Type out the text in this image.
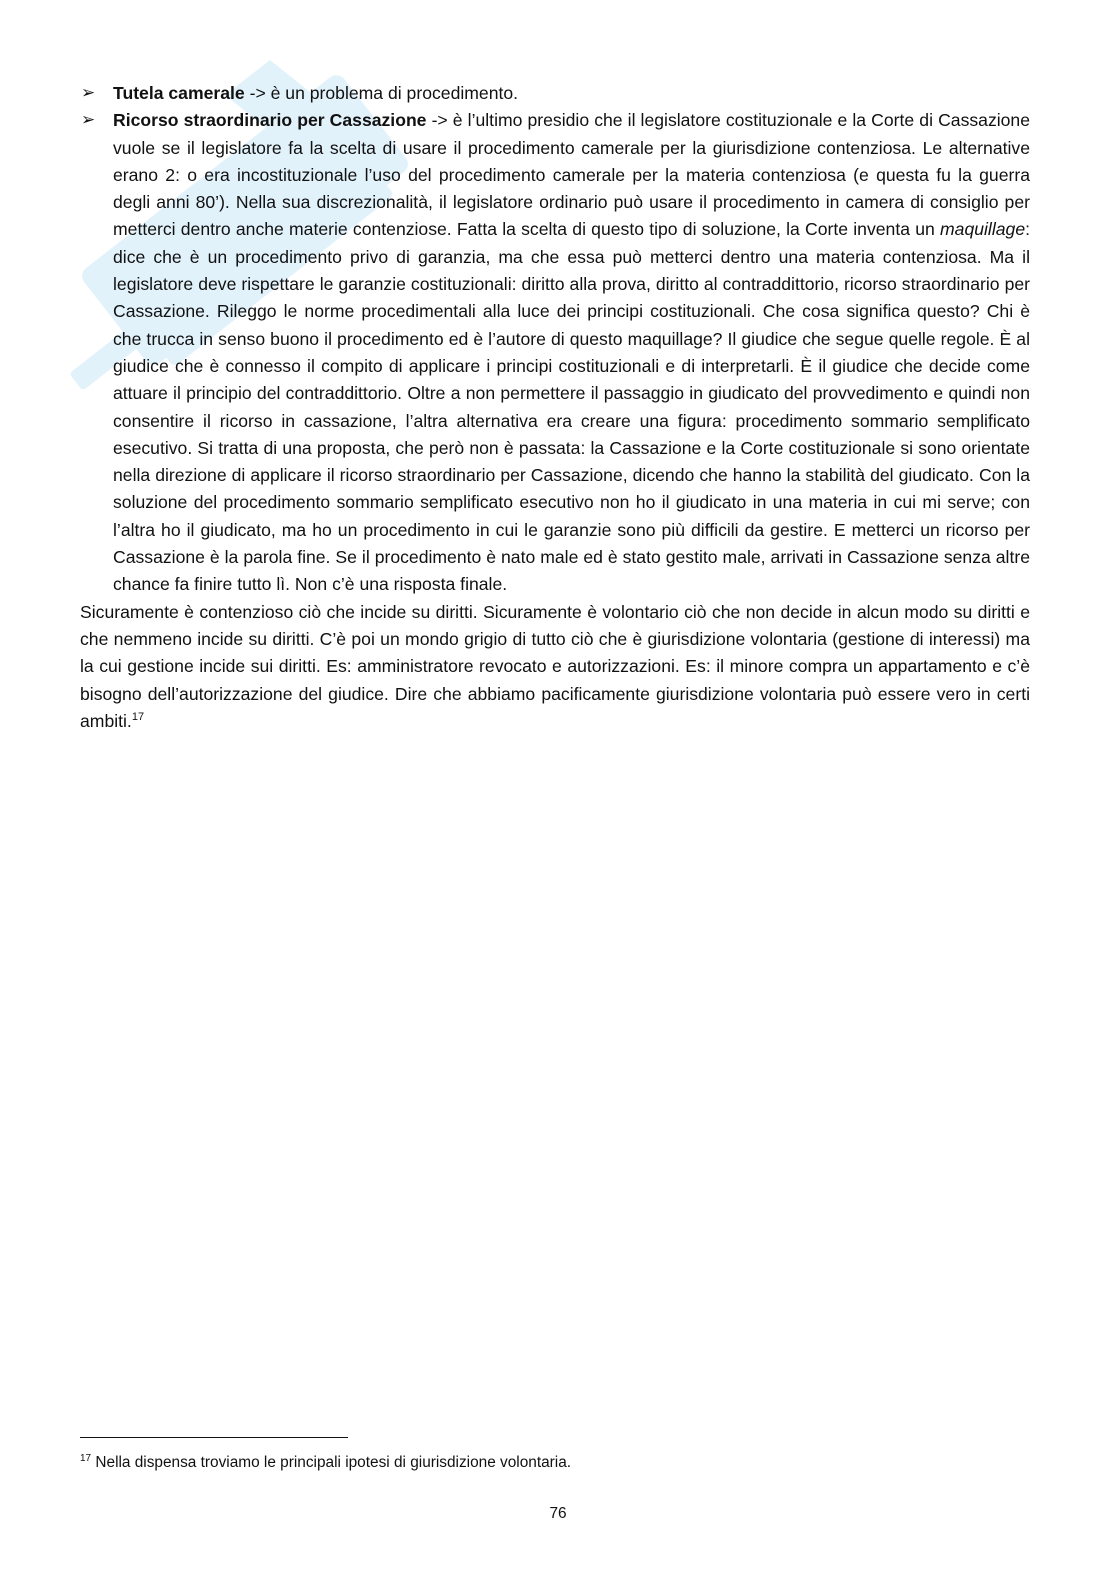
➢ Tutela camerale -> è un problema di procedimento.

➢ Ricorso straordinario per Cassazione -> è l’ultimo presidio che il legislatore costituzionale e la Corte di Cassazione vuole se il legislatore fa la scelta di usare il procedimento camerale per la giurisdizione contenziosa. Le alternative erano 2: o era incostituzionale l’uso del procedimento camerale per la materia contenziosa (e questa fu la guerra degli anni 80’). Nella sua discrezionalità, il legislatore ordinario può usare il procedimento in camera di consiglio per metterci dentro anche materie contenziose. Fatta la scelta di questo tipo di soluzione, la Corte inventa un maquillage: dice che è un procedimento privo di garanzia, ma che essa può metterci dentro una materia contenziosa. Ma il legislatore deve rispettare le garanzie costituzionali: diritto alla prova, diritto al contraddittorio, ricorso straordinario per Cassazione. Rileggo le norme procedimentali alla luce dei principi costituzionali. Che cosa significa questo? Chi è che trucca in senso buono il procedimento ed è l’autore di questo maquillage? Il giudice che segue quelle regole. È al giudice che è connesso il compito di applicare i principi costituzionali e di interpretarli. È il giudice che decide come attuare il principio del contraddittorio. Oltre a non permettere il passaggio in giudicato del provvedimento e quindi non consentire il ricorso in cassazione, l’altra alternativa era creare una figura: procedimento sommario semplificato esecutivo. Si tratta di una proposta, che però non è passata: la Cassazione e la Corte costituzionale si sono orientate nella direzione di applicare il ricorso straordinario per Cassazione, dicendo che hanno la stabilità del giudicato. Con la soluzione del procedimento sommario semplificato esecutivo non ho il giudicato in una materia in cui mi serve; con l’altra ho il giudicato, ma ho un procedimento in cui le garanzie sono più difficili da gestire. E metterci un ricorso per Cassazione è la parola fine. Se il procedimento è nato male ed è stato gestito male, arrivati in Cassazione senza altre chance fa finire tutto lì. Non c’è una risposta finale.

Sicuramente è contenzioso ciò che incide su diritti. Sicuramente è volontario ciò che non decide in alcun modo su diritti e che nemmeno incide su diritti. C’è poi un mondo grigio di tutto ciò che è giurisdizione volontaria (gestione di interessi) ma la cui gestione incide sui diritti. Es: amministratore revocato e autorizzazioni. Es: il minore compra un appartamento e c’è bisogno dell’autorizzazione del giudice. Dire che abbiamo pacificamente giurisdizione volontaria può essere vero in certi ambiti.$^{17}$

$^{17}$ Nella dispensa troviamo le principali ipotesi di giurisdizione volontaria.
76
